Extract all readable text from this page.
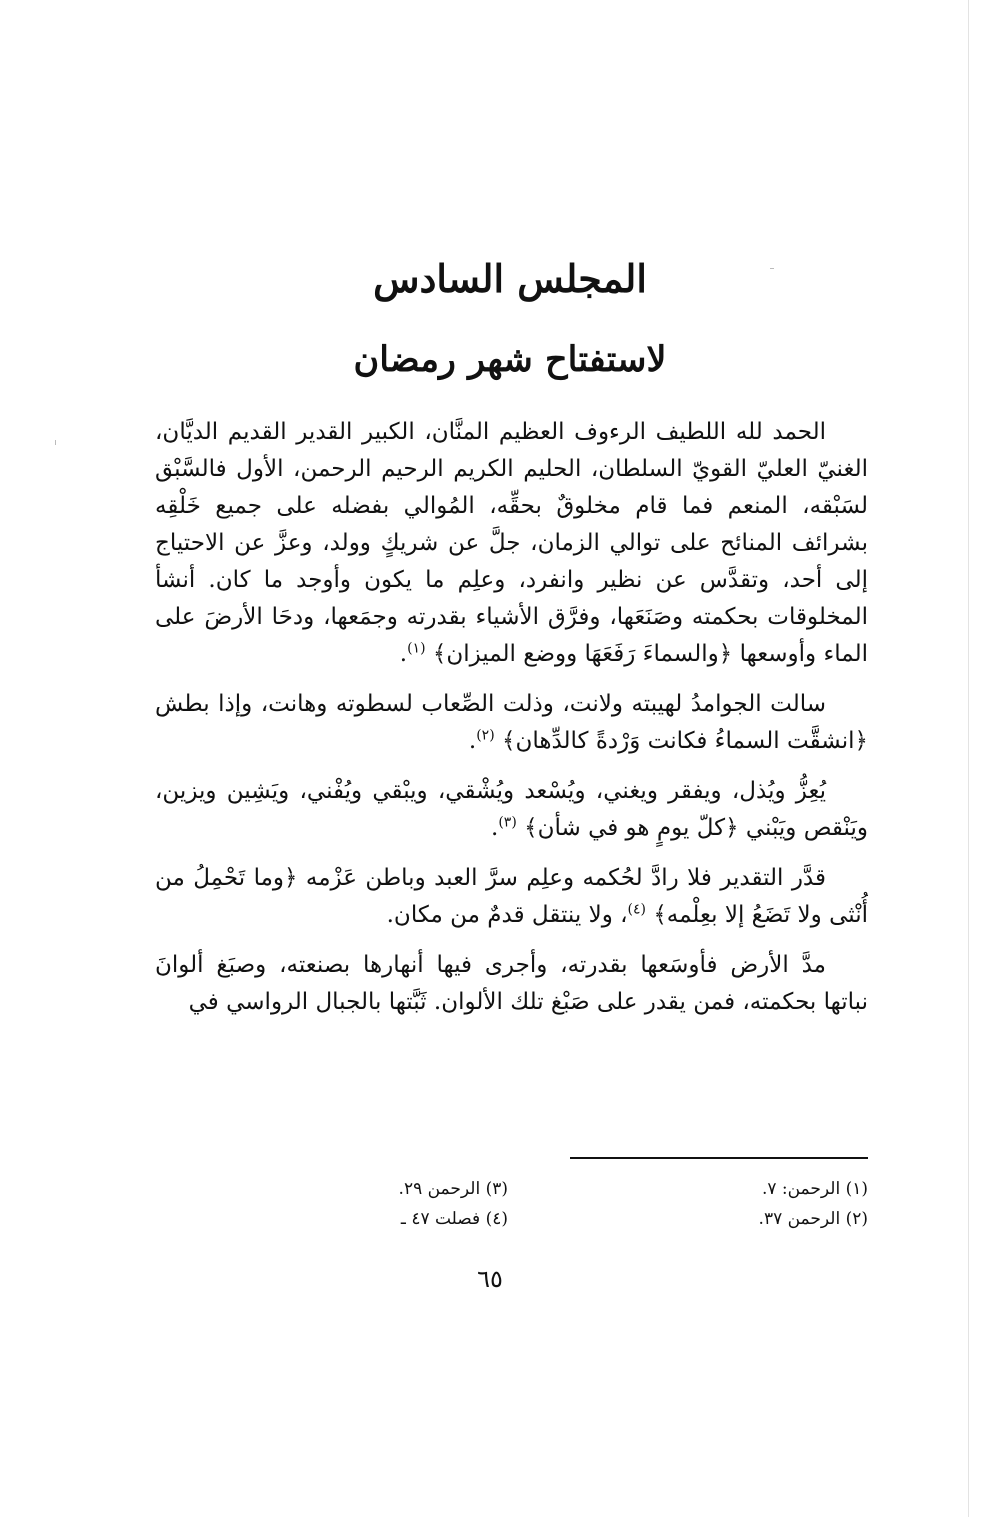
المجلس السادس
لاستفتاح شهر رمضان

الحمد لله اللطيف الرءوف العظيم المنَّان، الكبير القدير القديم الديَّان، الغنيّ العليّ القويّ السلطان، الحليم الكريم الرحيم الرحمن، الأول فالسَّبْق لسَبْقه، المنعم فما قام مخلوقٌ بحقِّه، المُوالي بفضله على جميع خَلْقِه بشرائف المنائح على توالي الزمان، جلَّ عن شريكٍ وولد، وعزَّ عن الاحتياج إلى أحد، وتقدَّس عن نظير وانفرد، وعلِم ما يكون وأوجد ما كان. أنشأ المخلوقات بحكمته وصَنَعَها، وفرَّق الأشياء بقدرته وجمَعها، ودحَا الأرضَ على الماء وأوسعها ﴿والسماءَ رَفَعَهَا ووضع الميزان﴾ $^{(١)}$.

سالت الجوامدُ لهيبته ولانت، وذلت الصِّعاب لسطوته وهانت، وإذا بطش ﴿انشقَّت السماءُ فكانت وَرْدةً كالدِّهان﴾ $^{(٢)}$.

يُعِزُّ ويُذل، ويفقر ويغني، ويُسْعد ويُشْقي، ويبْقي ويُفْني، ويَشِين ويزين، ويَنْقص ويَبْني ﴿كلّ يومٍ هو في شأن﴾ $^{(٣)}$.

قدَّر التقدير فلا رادَّ لحُكمه وعلِم سرَّ العبد وباطن عَزْمه ﴿وما تَحْمِلُ من أُنْثى ولا تَضَعُ إلا بعِلْمه﴾ $^{(٤)}$، ولا ينتقل قدمٌ من مكان.

مدَّ الأرض فأوسَعها بقدرته، وأجرى فيها أنهارها بصنعته، وصبَغ ألوانَ نباتها بحكمته، فمن يقدر على صَبْغ تلك الألوان. ثَبَّتها بالجبال الرواسي في

(١) الرحمن: ٧.
(٢) الرحمن ٣٧.
(٣) الرحمن ٢٩.
(٤) فصلت ٤٧ ـ
٦٥
